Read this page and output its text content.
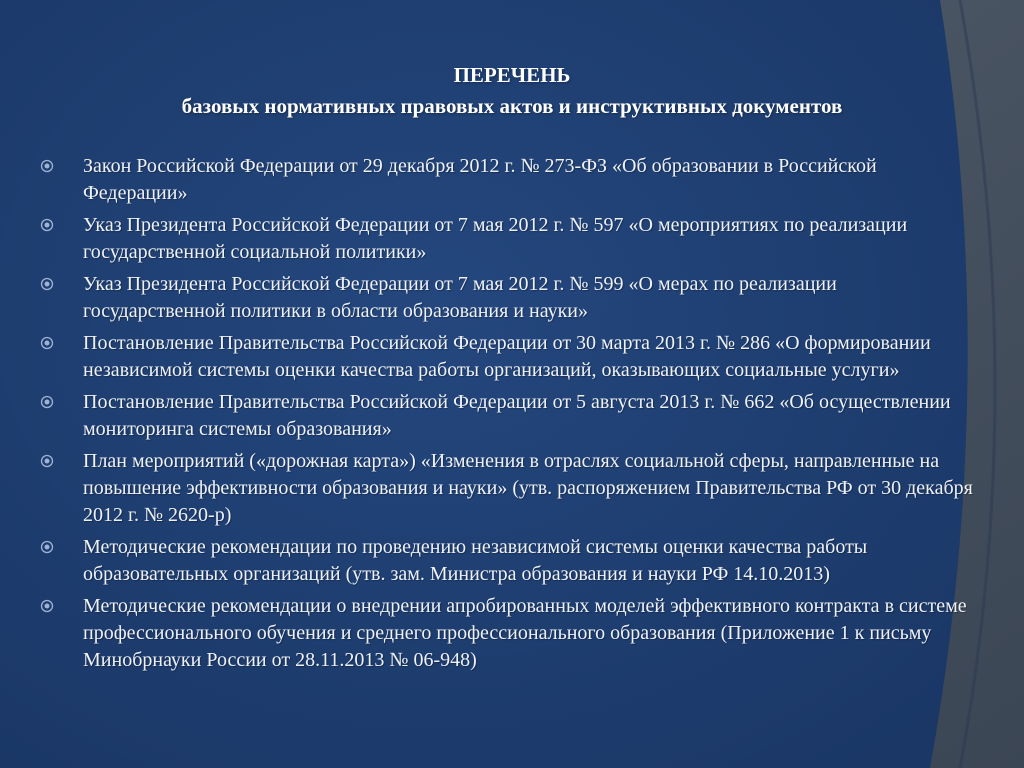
ПЕРЕЧЕНЬ
базовых нормативных правовых актов и инструктивных документов
Закон Российской Федерации от 29 декабря 2012 г. № 273-ФЗ «Об образовании в Российской Федерации»
Указ Президента Российской Федерации от 7 мая 2012 г. № 597 «О мероприятиях по реализации государственной социальной политики»
Указ Президента Российской Федерации от 7 мая 2012 г. № 599 «О мерах по реализации государственной политики в области образования и науки»
Постановление Правительства Российской Федерации от 30 марта 2013 г. № 286 «О формировании независимой системы оценки качества работы организаций, оказывающих социальные услуги»
Постановление Правительства Российской Федерации от 5 августа 2013 г. № 662 «Об осуществлении мониторинга системы образования»
План мероприятий («дорожная карта») «Изменения в отраслях социальной сферы, направленные на повышение эффективности образования и науки» (утв. распоряжением Правительства РФ от 30 декабря 2012 г. № 2620-р)
Методические рекомендации по проведению независимой системы оценки качества работы образовательных организаций (утв. зам. Министра образования и науки РФ 14.10.2013)
Методические рекомендации о внедрении апробированных моделей эффективного контракта в системе профессионального обучения и среднего профессионального образования (Приложение 1 к письму Минобрнауки России от 28.11.2013 № 06-948)
